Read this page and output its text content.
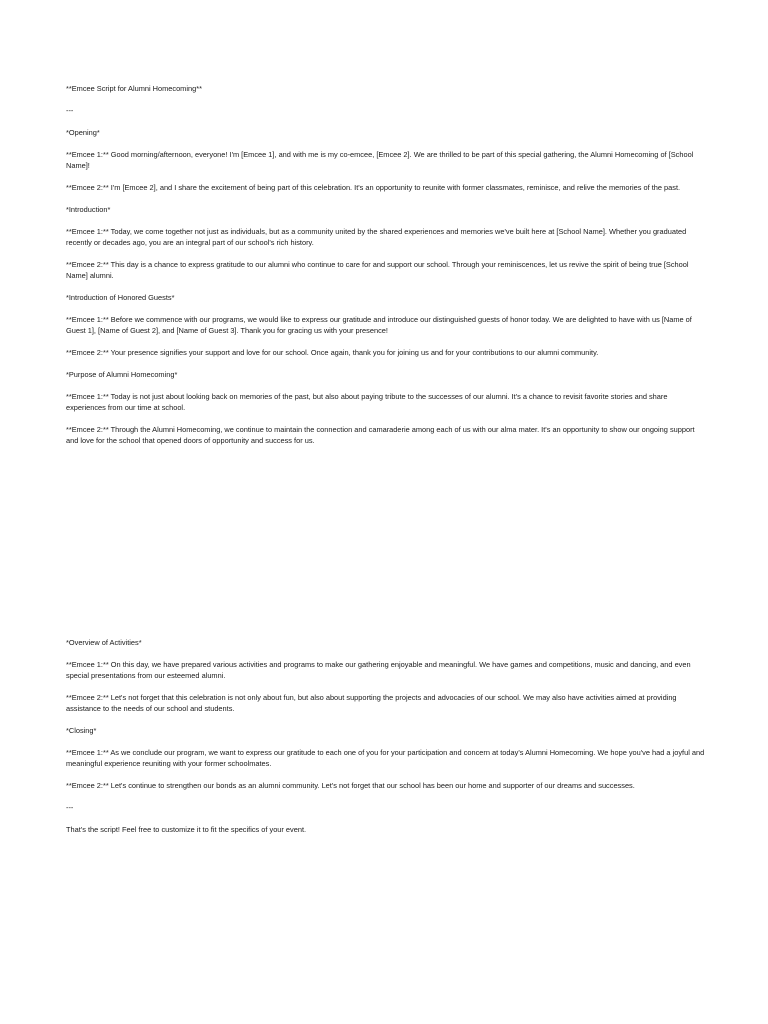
**Emcee Script for Alumni Homecoming**

---

*Opening*

**Emcee 1:** Good morning/afternoon, everyone! I'm [Emcee 1], and with me is my co-emcee, [Emcee 2]. We are thrilled to be part of this special gathering, the Alumni Homecoming of [School Name]!

**Emcee 2:** I'm [Emcee 2], and I share the excitement of being part of this celebration. It's an opportunity to reunite with former classmates, reminisce, and relive the memories of the past.

*Introduction*

**Emcee 1:** Today, we come together not just as individuals, but as a community united by the shared experiences and memories we've built here at [School Name]. Whether you graduated recently or decades ago, you are an integral part of our school's rich history.

**Emcee 2:** This day is a chance to express gratitude to our alumni who continue to care for and support our school. Through your reminiscences, let us revive the spirit of being true [School Name] alumni.

*Introduction of Honored Guests*

**Emcee 1:** Before we commence with our programs, we would like to express our gratitude and introduce our distinguished guests of honor today. We are delighted to have with us [Name of Guest 1], [Name of Guest 2], and [Name of Guest 3]. Thank you for gracing us with your presence!

**Emcee 2:** Your presence signifies your support and love for our school. Once again, thank you for joining us and for your contributions to our alumni community.

*Purpose of Alumni Homecoming*

**Emcee 1:** Today is not just about looking back on memories of the past, but also about paying tribute to the successes of our alumni. It's a chance to revisit favorite stories and share experiences from our time at school.

**Emcee 2:** Through the Alumni Homecoming, we continue to maintain the connection and camaraderie among each of us with our alma mater. It's an opportunity to show our ongoing support and love for the school that opened doors of opportunity and success for us.

*Overview of Activities*

**Emcee 1:** On this day, we have prepared various activities and programs to make our gathering enjoyable and meaningful. We have games and competitions, music and dancing, and even special presentations from our esteemed alumni.

**Emcee 2:** Let's not forget that this celebration is not only about fun, but also about supporting the projects and advocacies of our school. We may also have activities aimed at providing assistance to the needs of our school and students.

*Closing*

**Emcee 1:** As we conclude our program, we want to express our gratitude to each one of you for your participation and concern at today's Alumni Homecoming. We hope you've had a joyful and meaningful experience reuniting with your former schoolmates.

**Emcee 2:** Let's continue to strengthen our bonds as an alumni community. Let's not forget that our school has been our home and supporter of our dreams and successes.

---

That's the script! Feel free to customize it to fit the specifics of your event.
